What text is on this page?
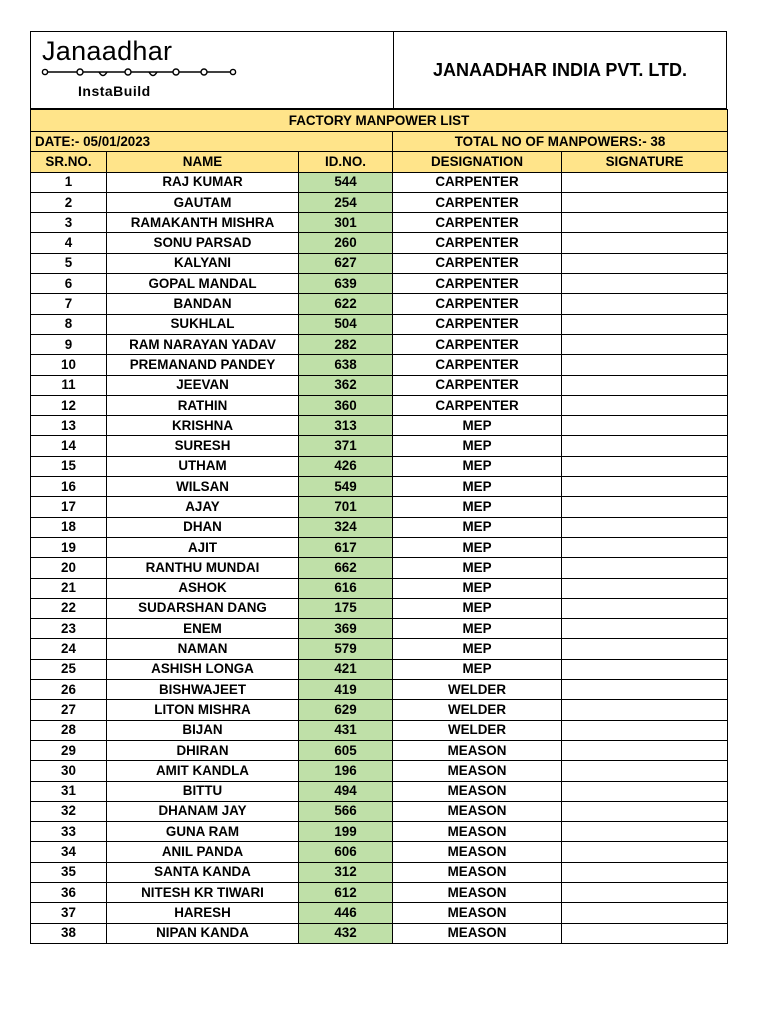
Janaadhar
InstaBuild
JANAADHAR INDIA PVT. LTD.
FACTORY MANPOWER LIST				
DATE:- 05/01/2023			TOTAL NO OF MANPOWERS:- 38	
SR.NO.	NAME	ID.NO.	DESIGNATION	SIGNATURE
1	RAJ KUMAR	544	CARPENTER	
2	GAUTAM	254	CARPENTER	
3	RAMAKANTH MISHRA	301	CARPENTER	
4	SONU PARSAD	260	CARPENTER	
5	KALYANI	627	CARPENTER	
6	GOPAL MANDAL	639	CARPENTER	
7	BANDAN	622	CARPENTER	
8	SUKHLAL	504	CARPENTER	
9	RAM NARAYAN YADAV	282	CARPENTER	
10	PREMANAND PANDEY	638	CARPENTER	
11	JEEVAN	362	CARPENTER	
12	RATHIN	360	CARPENTER	
13	KRISHNA	313	MEP	
14	SURESH	371	MEP	
15	UTHAM	426	MEP	
16	WILSAN	549	MEP	
17	AJAY	701	MEP	
18	DHAN	324	MEP	
19	AJIT	617	MEP	
20	RANTHU MUNDAI	662	MEP	
21	ASHOK	616	MEP	
22	SUDARSHAN DANG	175	MEP	
23	ENEM	369	MEP	
24	NAMAN	579	MEP	
25	ASHISH LONGA	421	MEP	
26	BISHWAJEET	419	WELDER	
27	LITON MISHRA	629	WELDER	
28	BIJAN	431	WELDER	
29	DHIRAN	605	MEASON	
30	AMIT KANDLA	196	MEASON	
31	BITTU	494	MEASON	
32	DHANAM JAY	566	MEASON	
33	GUNA RAM	199	MEASON	
34	ANIL PANDA	606	MEASON	
35	SANTA KANDA	312	MEASON	
36	NITESH KR TIWARI	612	MEASON	
37	HARESH	446	MEASON	
38	NIPAN KANDA	432	MEASON	
